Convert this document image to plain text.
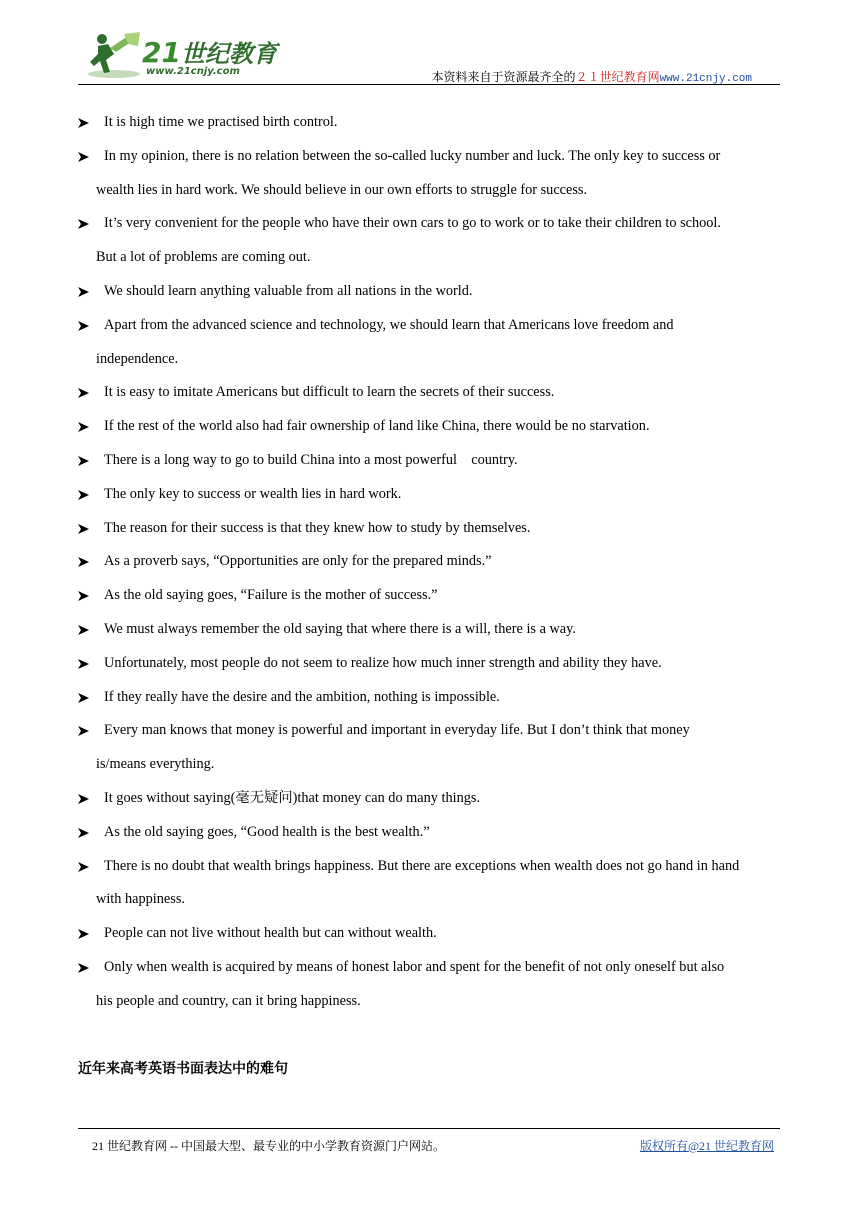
21世纪教育
www.21cnjy.com	本资料来自于资源最齐全的２１世纪教育网www.21cnjy.com
It is high time we practised birth control.
In my opinion, there is no relation between the so-called lucky number and luck. The only key to success or
wealth lies in hard work. We should believe in our own efforts to struggle for success.
It’s very convenient for the people who have their own cars to go to work or to take their children to school.
But a lot of problems are coming out.
We should learn anything valuable from all nations in the world.
Apart from the advanced science and technology, we should learn that Americans love freedom and
independence.
It is easy to imitate Americans but difficult to learn the secrets of their success.
If the rest of the world also had fair ownership of land like China, there would be no starvation.
There is a long way to go to build China into a most powerful    country.
The only key to success or wealth lies in hard work.
The reason for their success is that they knew how to study by themselves.
As a proverb says, “Opportunities are only for the prepared minds.”
As the old saying goes, “Failure is the mother of success.”
We must always remember the old saying that where there is a will, there is a way.
Unfortunately, most people do not seem to realize how much inner strength and ability they have.
If they really have the desire and the ambition, nothing is impossible.
Every man knows that money is powerful and important in everyday life. But I don’t think that money
is/means everything.
It goes without saying(毫无疑问)that money can do many things.
As the old saying goes, “Good health is the best wealth.”
There is no doubt that wealth brings happiness. But there are exceptions when wealth does not go hand in hand
with happiness.
People can not live without health but can without wealth.
Only when wealth is acquired by means of honest labor and spent for the benefit of not only oneself but also
his people and country, can it bring happiness.
近年来高考英语书面表达中的难句
21 世纪教育网 -- 中国最大型、最专业的中小学教育资源门户网站。	版权所有@21 世纪教育网
